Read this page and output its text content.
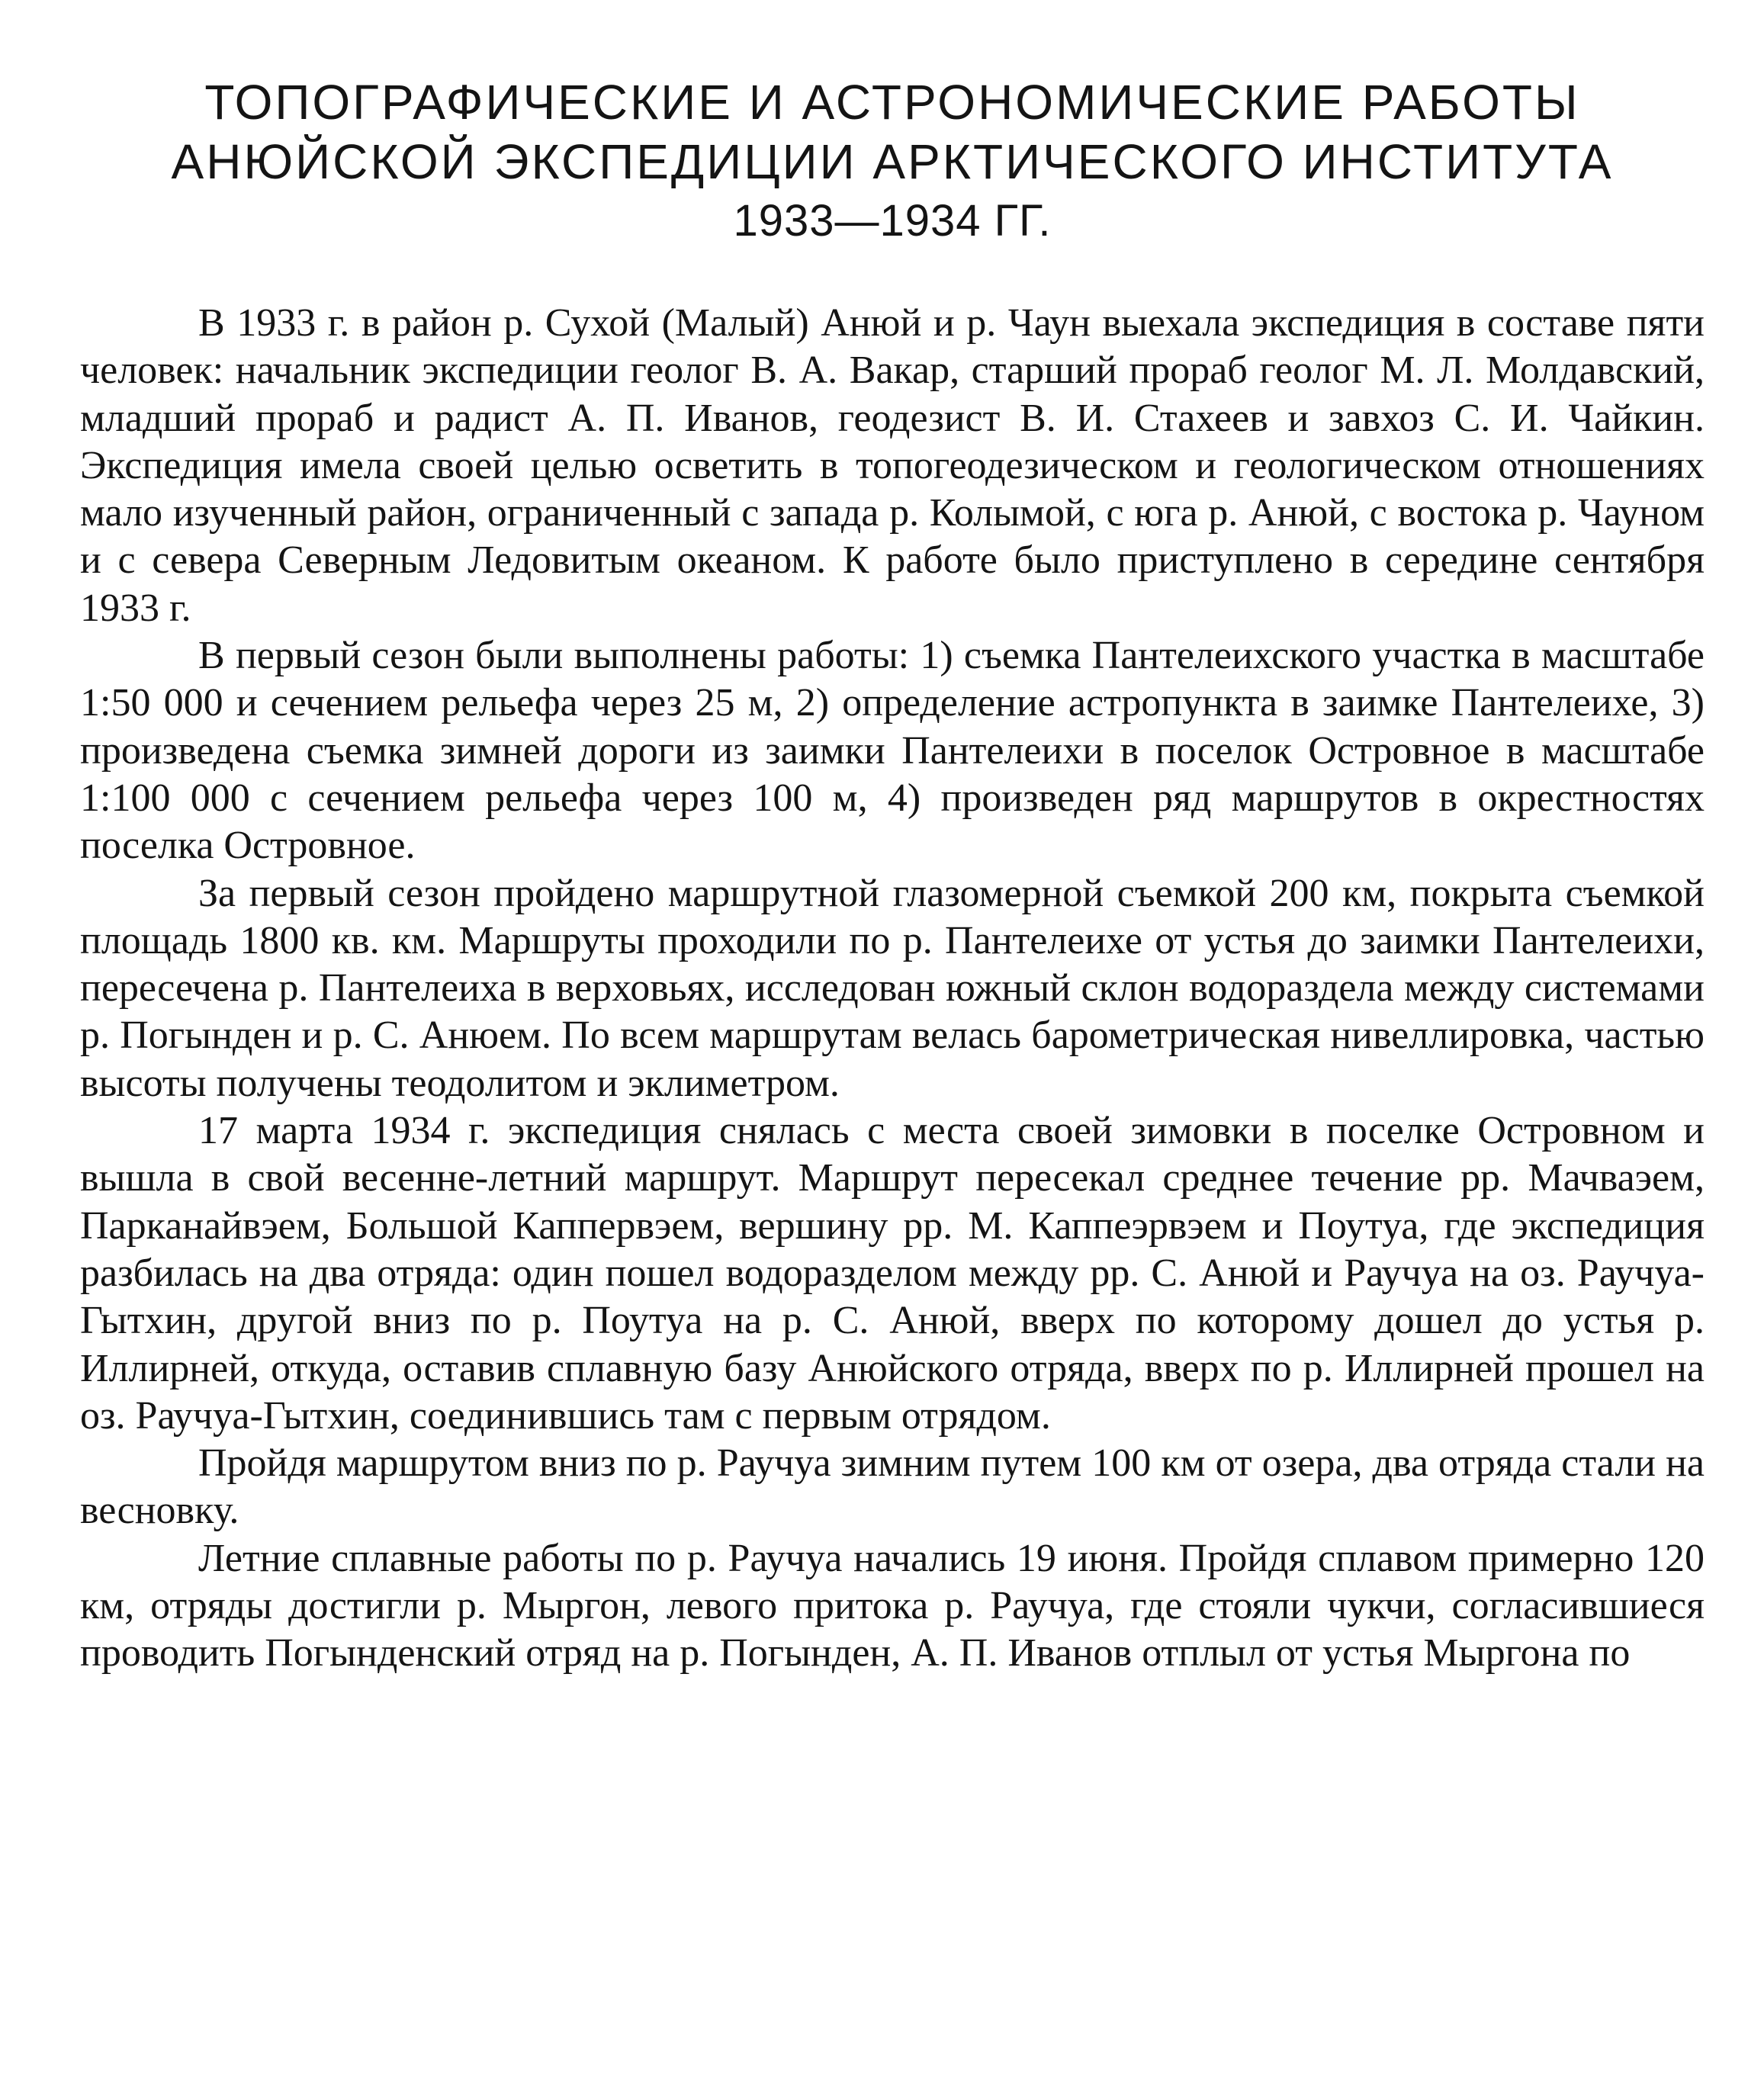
ТОПОГРАФИЧЕСКИЕ И АСТРОНОМИЧЕСКИЕ РАБОТЫ
АНЮЙСКОЙ ЭКСПЕДИЦИИ АРКТИЧЕСКОГО ИНСТИТУТА
1933—1934 ГГ.

В 1933 г. в район р. Сухой (Малый) Анюй и р. Чаун выехала экспедиция в составе пяти человек: начальник экспедиции геолог В. А. Вакар, старший прораб геолог М. Л. Молдавский, младший прораб и радист А. П. Иванов, геодезист В. И. Стахеев и завхоз С. И. Чайкин. Экспедиция имела своей целью осветить в топогеодезическом и геологическом отношениях мало изученный район, ограниченный с запада р. Колымой, с юга р. Анюй, с востока р. Чауном и с севера Северным Ледовитым океаном. К работе было приступлено в середине сентября 1933 г.

В первый сезон были выполнены работы: 1) съемка Пантелеихского участка в масштабе 1:50 000 и сечением рельефа через 25 м, 2) определение астропункта в заимке Пантелеихе, 3) произведена съемка зимней дороги из заимки Пантелеихи в поселок Островное в масштабе 1:100 000 с сечением рельефа через 100 м, 4) произведен ряд маршрутов в окрестностях поселка Островное.

За первый сезон пройдено маршрутной глазомерной съемкой 200 км, покрыта съемкой площадь 1800 кв. км. Маршруты проходили по р. Пантелеихе от устья до заимки Пантелеихи, пересечена р. Пантелеиха в верховьях, исследован южный склон водораздела между системами р. Погынден и р. С. Анюем. По всем маршрутам велась барометрическая нивеллировка, частью высоты получены теодолитом и эклиметром.

17 марта 1934 г. экспедиция снялась с места своей зимовки в поселке Островном и вышла в свой весенне-летний маршрут. Маршрут пересекал среднее течение рр. Мачваэем, Парканайвэем, Большой Каппервэем, вершину рр. М. Каппеэрвэем и Поутуа, где экспедиция разбилась на два отряда: один пошел водоразделом между рр. С. Анюй и Раучуа на оз. Раучуа-Гытхин, другой вниз по р. Поутуа на р. С. Анюй, вверх по которому дошел до устья р. Иллирней, откуда, оставив сплавную базу Анюйского отряда, вверх по р. Иллирней прошел на оз. Раучуа-Гытхин, соединившись там с первым отрядом.

Пройдя маршрутом вниз по р. Раучуа зимним путем 100 км от озера, два отряда стали на весновку.

Летние сплавные работы по р. Раучуа начались 19 июня. Пройдя сплавом примерно 120 км, отряды достигли р. Мыргон, левого притока р. Раучуа, где стояли чукчи, согласившиеся проводить Погынденский отряд на р. Погынден, А. П. Иванов отплыл от устья Мыргона по
